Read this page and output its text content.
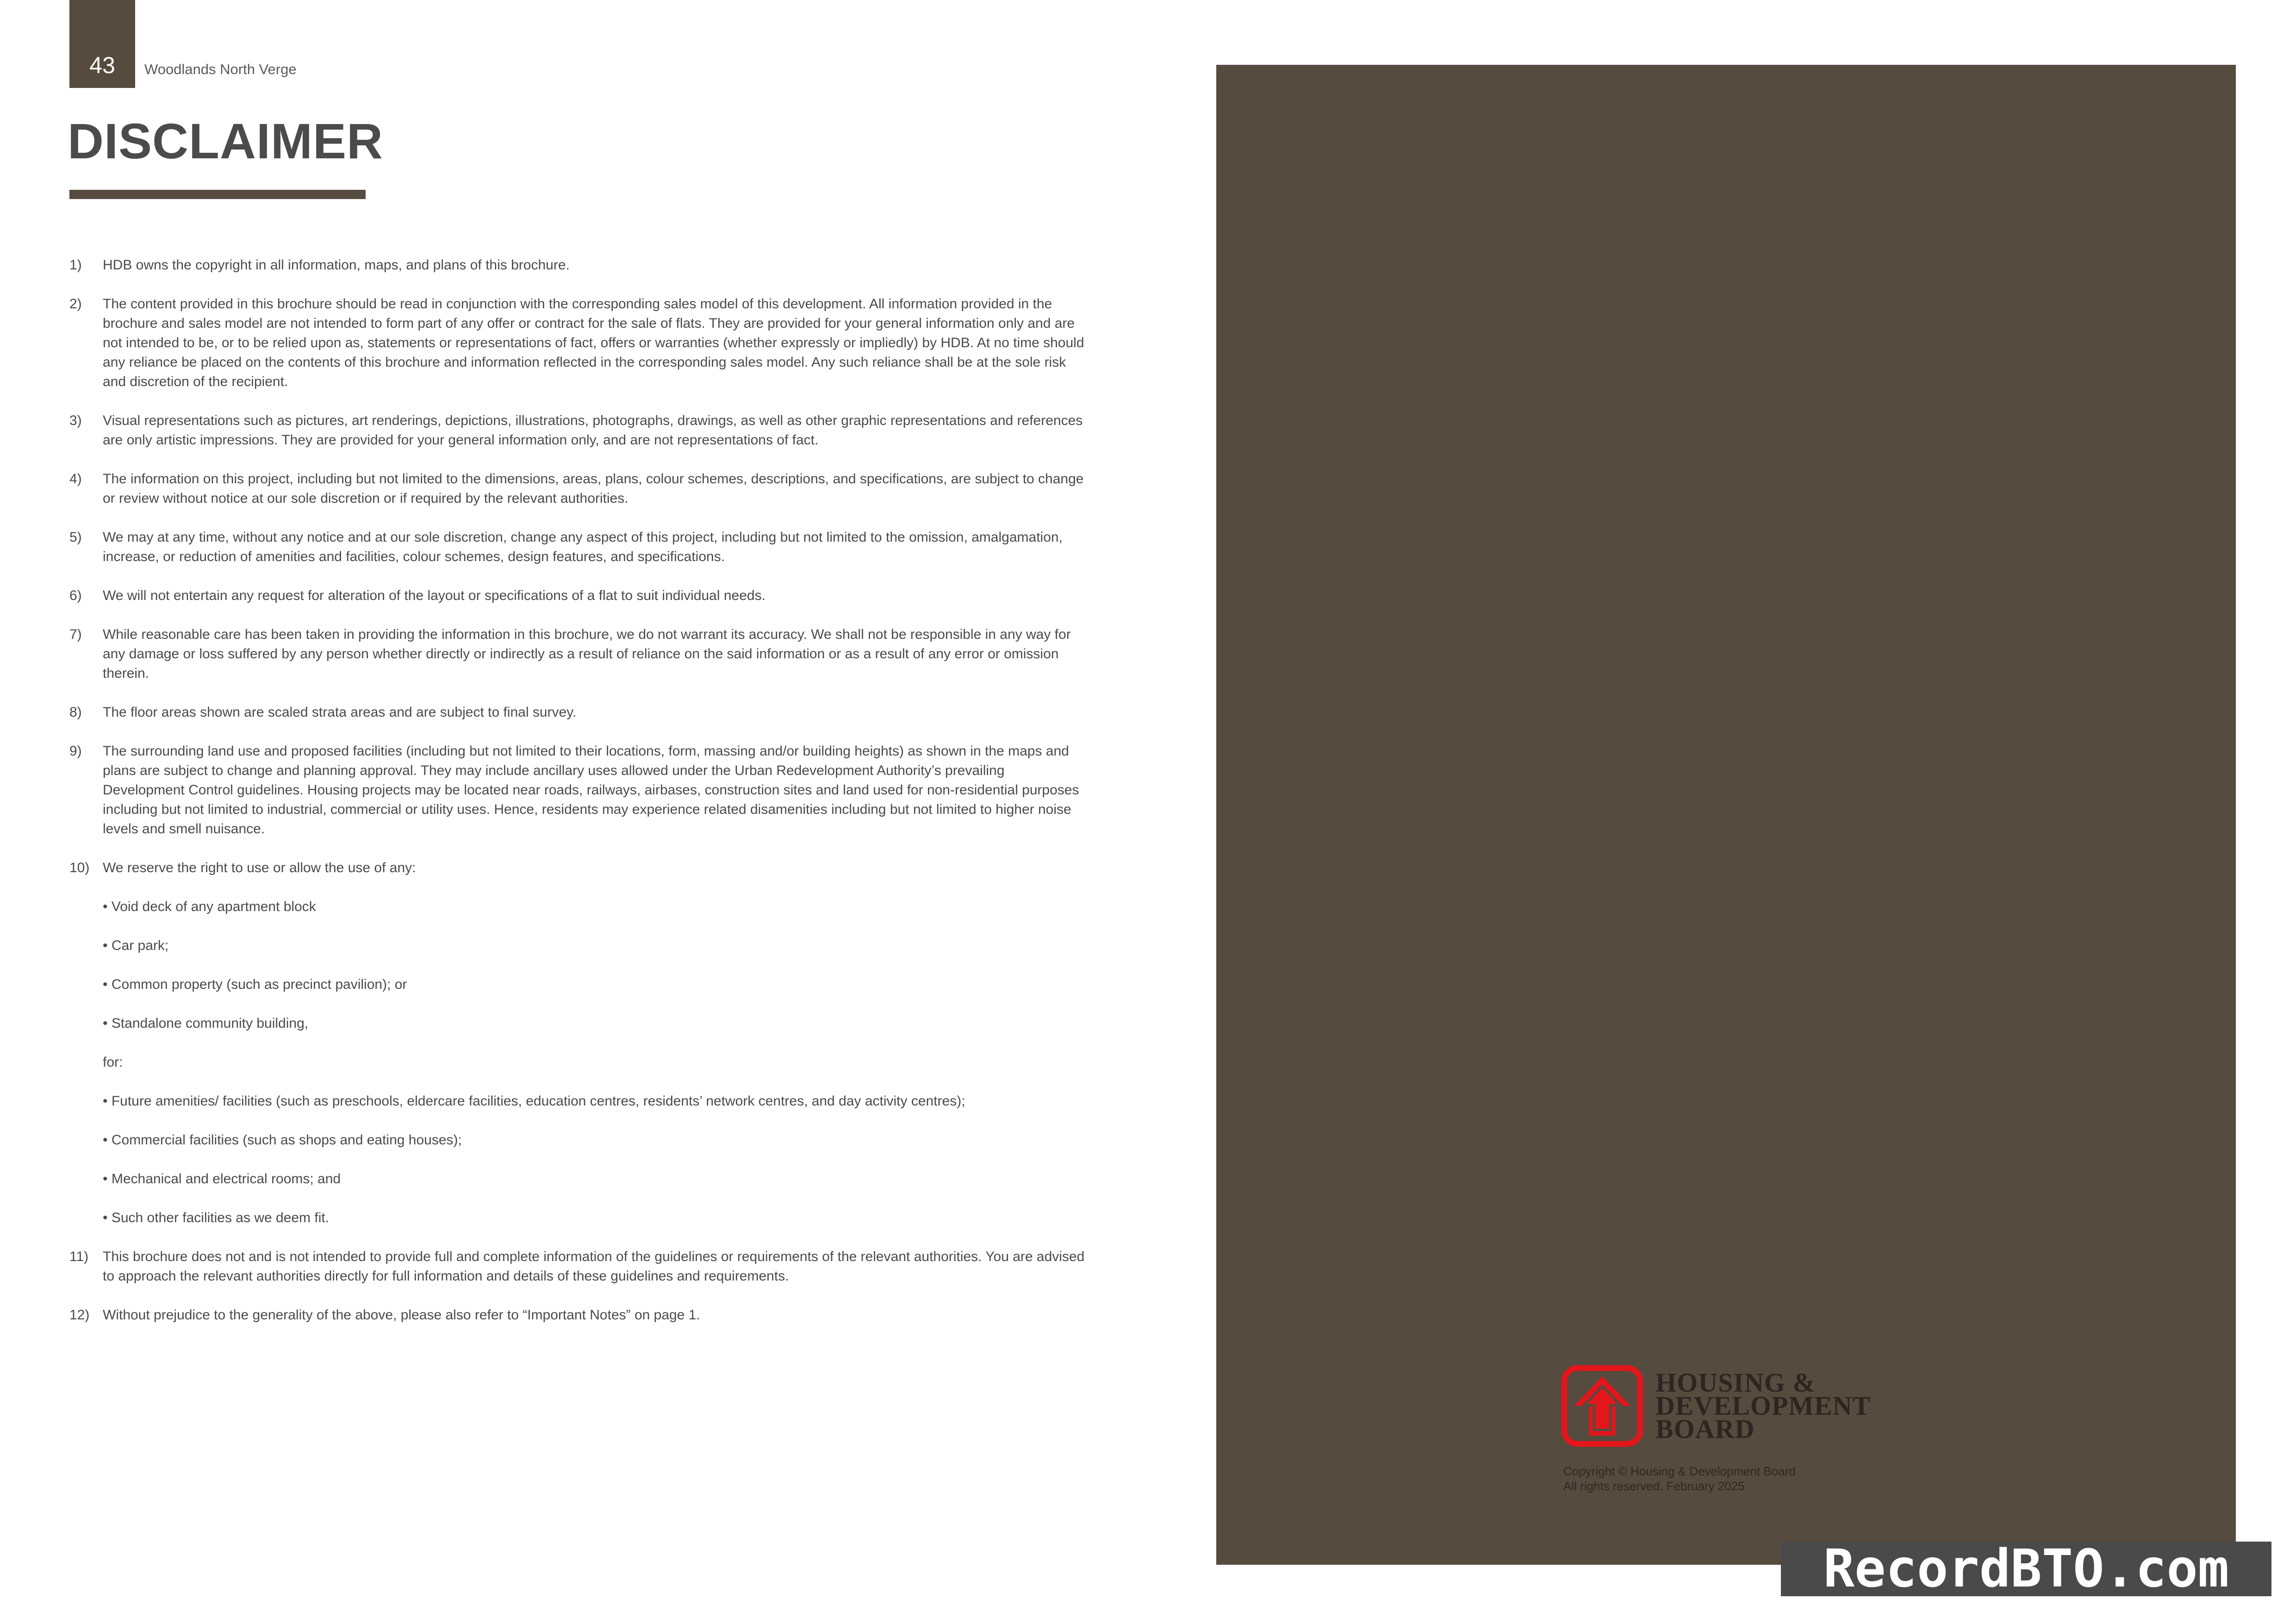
43 Woodlands North Verge
DISCLAIMER
1)	HDB owns the copyright in all information, maps, and plans of this brochure.
2)	The content provided in this brochure should be read in conjunction with the corresponding sales model of this development. All information provided in the brochure and sales model are not intended to form part of any offer or contract for the sale of flats. They are provided for your general information only and are not intended to be, or to be relied upon as, statements or representations of fact, offers or warranties (whether expressly or impliedly) by HDB. At no time should any reliance be placed on the contents of this brochure and information reflected in the corresponding sales model. Any such reliance shall be at the sole risk and discretion of the recipient.
3)	Visual representations such as pictures, art renderings, depictions, illustrations, photographs, drawings, as well as other graphic representations and references are only artistic impressions. They are provided for your general information only, and are not representations of fact.
4)	The information on this project, including but not limited to the dimensions, areas, plans, colour schemes, descriptions, and specifications, are subject to change or review without notice at our sole discretion or if required by the relevant authorities.
5)	We may at any time, without any notice and at our sole discretion, change any aspect of this project, including but not limited to the omission, amalgamation, increase, or reduction of amenities and facilities, colour schemes, design features, and specifications.
6)	We will not entertain any request for alteration of the layout or specifications of a flat to suit individual needs.
7)	While reasonable care has been taken in providing the information in this brochure, we do not warrant its accuracy. We shall not be responsible in any way for any damage or loss suffered by any person whether directly or indirectly as a result of reliance on the said information or as a result of any error or omission therein.
8)	The floor areas shown are scaled strata areas and are subject to final survey.
9)	The surrounding land use and proposed facilities (including but not limited to their locations, form, massing and/or building heights) as shown in the maps and plans are subject to change and planning approval. They may include ancillary uses allowed under the Urban Redevelopment Authority’s prevailing Development Control guidelines. Housing projects may be located near roads, railways, airbases, construction sites and land used for non-residential purposes including but not limited to industrial, commercial or utility uses. Hence, residents may experience related disamenities including but not limited to higher noise levels and smell nuisance.
10) We reserve the right to use or allow the use of any:
• Void deck of any apartment block
• Car park;
• Common property (such as precinct pavilion); or
• Standalone community building,
for:
• Future amenities/ facilities (such as preschools, eldercare facilities, education centres, residents’ network centres, and day activity centres);
• Commercial facilities (such as shops and eating houses);
• Mechanical and electrical rooms; and
• Such other facilities as we deem fit.
11)	This brochure does not and is not intended to provide full and complete information of the guidelines or requirements of the relevant authorities. You are advised to approach the relevant authorities directly for full information and details of these guidelines and requirements.
12) Without prejudice to the generality of the above, please also refer to “Important Notes” on page 1.
HOUSING &
DEVELOPMENT
BOARD
Copyright © Housing & Development Board
All rights reserved. February 2025
RecordBTO.com
